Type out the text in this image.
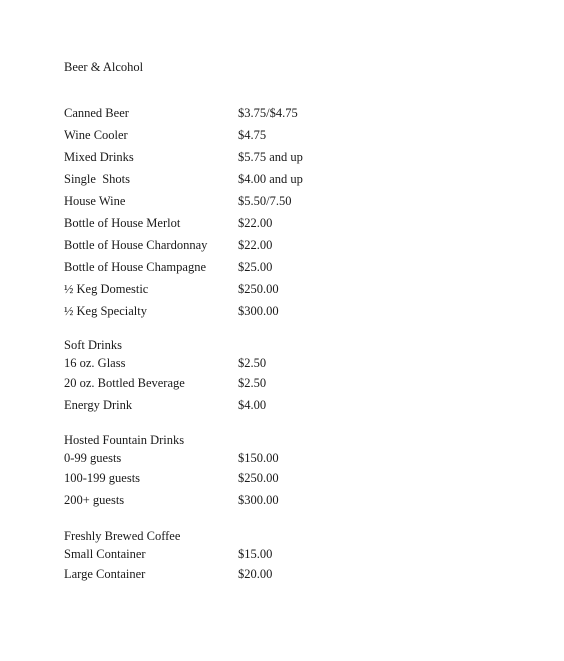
Beer & Alcohol
Canned Beer	$3.75/$4.75
Wine Cooler	$4.75
Mixed Drinks	$5.75 and up
Single  Shots	$4.00 and up
House Wine	$5.50/7.50
Bottle of House Merlot	$22.00
Bottle of House Chardonnay $22.00
Bottle of House Champagne	$25.00
½ Keg Domestic	$250.00
½ Keg Specialty	$300.00
Soft Drinks
16 oz. Glass	$2.50
20 oz. Bottled Beverage	$2.50
Energy Drink	$4.00
Hosted Fountain Drinks
0-99 guests	$150.00
100-199 guests	$250.00
200+ guests	$300.00
Freshly Brewed Coffee
Small Container	$15.00
Large Container	$20.00
